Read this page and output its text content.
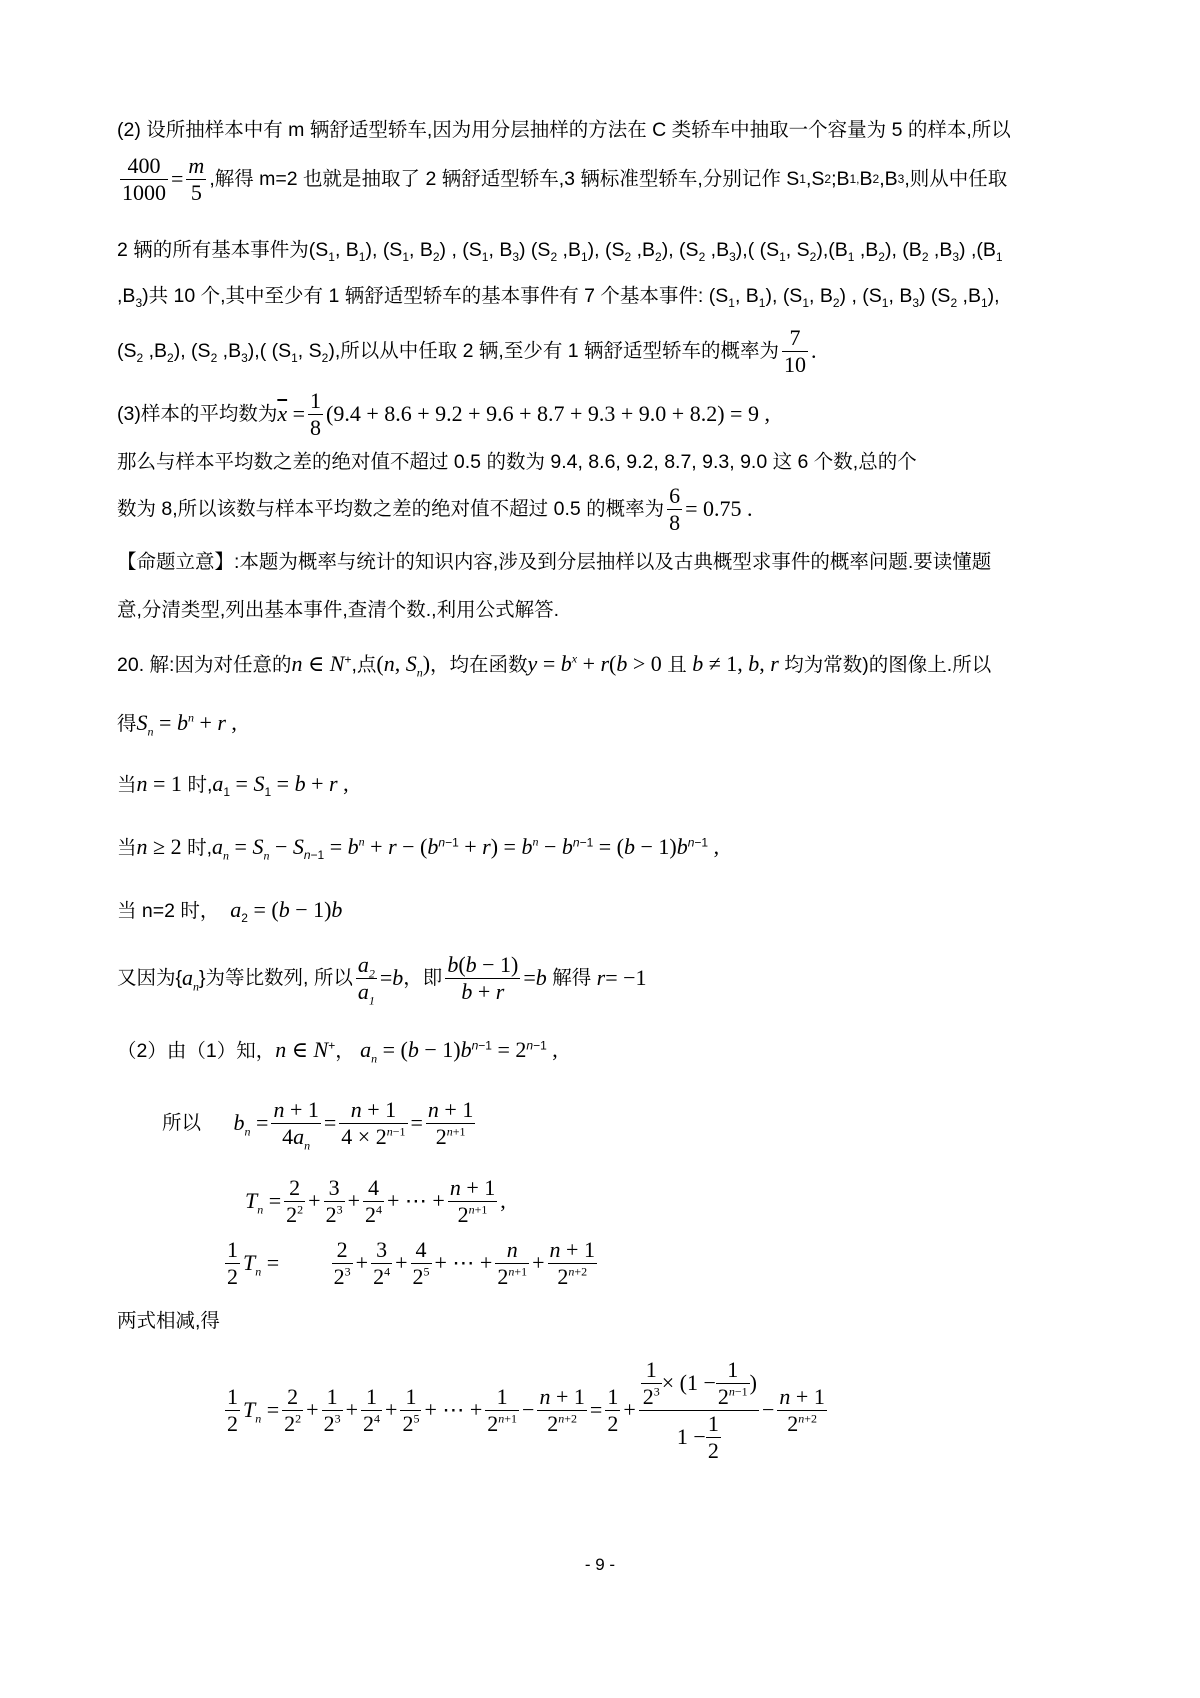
(2) 设所抽样本中有 m 辆舒适型轿车,因为用分层抽样的方法在 C 类轿车中抽取一个容量为 5 的样本,所以
$\frac{400}{1000} = \frac{m}{5}$ ,解得 m=2 也就是抽取了 2 辆舒适型轿车,3 辆标准型轿车,分别记作 S 1 ,S 2 ;B 1, B 2 ,B 3 , 则从中任取
2 辆的所有基本事件为($S_1$, $B_1$), ($S_1$, $B_2$) , ($S_1$, $B_3$) ($S_2$ $,B_1$), ($S_2$ $,B_2$), ($S_2$ $,B_3$),( ($S_1$, $S_2),(B_1$ $,B_2$), ($B_2$ $,B_3$) $,(B_1$
$,B_3$)共 10 个,其中至少有 1 辆舒适型轿车的基本事件有 7 个基本事件: ($S_1$, $B_1$), ($S_1$, $B_2$) , ($S_1$, $B_3$) ($S_2$ $,B_1$),
($S_2$ $,B_2$), ($S_2$ $,B_3$),( ($S_1$, $S_2$),所以从中任取 2 辆,至少有 1 辆舒适型轿车的概率为 $\frac{7}{10}$ .
(3)样本的平均数为 $\overline{x} = \frac{1}{8} (9.4 + 8.6 + 9.2 + 9.6 + 8.7 + 9.3 + 9.0 + 8.2) = 9$ ,
那么与样本平均数之差的绝对值不超过 0.5 的数为 9.4, 8.6, 9.2, 8.7, 9.3, 9.0 这 6 个数,总的个
数为 8,所以该数与样本平均数之差的绝对值不超过 0.5 的概率为 $\frac{6}{8} = 0.75$ .
【命题立意】:本题为概率与统计的知识内容,涉及到分层抽样以及古典概型求事件的概率问题.要读懂题
意,分清类型,列出基本事件,查清个数.,利用公式解答.
20. 解:因为对任意的n ∈ N+,点(n, $S_n$)，均在函数$y = b^x + r(b > 0$ 且 b ≠ 1, b, r 均为常数)的图像上.所以
得$S_n = b^n + r$ ,
当n = 1 时$,a_1 = S_1 = b + r$ ,
当n ≥ 2 时$,a_n = S_n - S_{n-1} = b^n + r - (b^{n-1} + r) = b^n - b^{n-1} = (b - 1)b^{n-1}$ ,
当 n=2 时， $a_2 = (b - 1)b$
又因为{ $a_n$ }为等比数列, 所以 $\frac{a_2}{a_1} = b$ ，即 $\frac{b(b - 1)}{b + r} = b$
解得
r = −1
（2）由（1）知，n ∈ N+， $a_n = (b - 1)b^{n-1} = 2^{n-1}$ ,
所以
$b_n = \frac{n + 1}{4a_n} = \frac{n + 1}{4 \times 2^{n-1}} = \frac{n + 1}{2^{n+1}}$
$T_n = \frac{2}{2^2} + \frac{3}{2^3} + \frac{4}{2^4}$ + ⋯ + $\frac{n + 1}{2^{n+1}}$ ,
$\frac{1}{2} T_n = \frac{2}{2^3} + \frac{3}{2^4} + \frac{4}{2^5}$ + ⋯ + $\frac{n}{2^{n+1}} + \frac{n + 1}{2^{n+2}}$
两式相减,得
$\frac{1}{2} T_n = \frac{2}{2^2} + \frac{1}{2^3} + \frac{1}{2^4} + \frac{1}{2^5}$ + ⋯ + $\frac{1}{2^{n+1}} - \frac{n + 1}{2^{n+2}} = \frac{1}{2} + \frac{\frac{1}{2^3} \times (1 - \frac{1}{2^{n-1}} )}{1 - \frac{1}{2}} - \frac{n + 1}{2^{n+2}}$
- 9 -
